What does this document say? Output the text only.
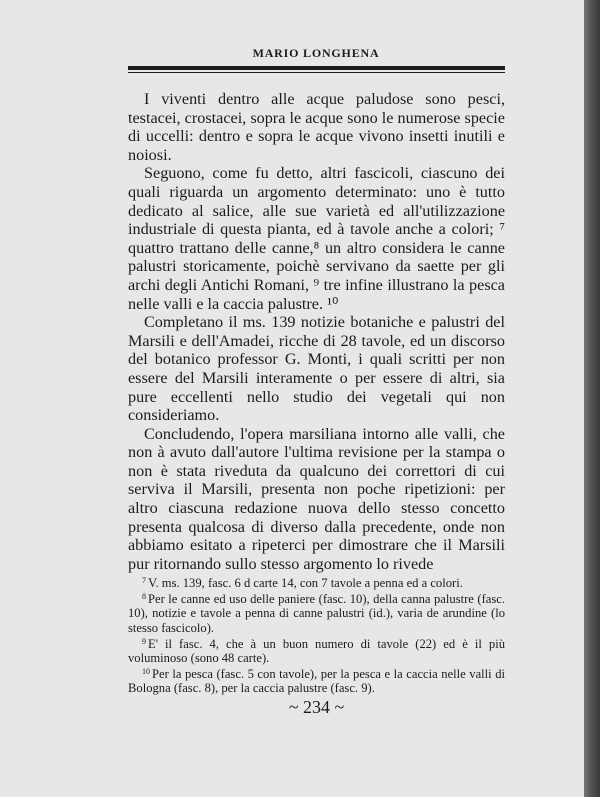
MARIO LONGHENA

I viventi dentro alle acque paludose sono pesci, testacei, crostacei, sopra le acque sono le numerose specie di uccelli: dentro e sopra le acque vivono insetti inutili e noiosi.

Seguono, come fu detto, altri fascicoli, ciascuno dei quali riguarda un argomento determinato: uno è tutto dedicato al salice, alle sue varietà ed all'utilizzazione industriale di questa pianta, ed à tavole anche a colori; ⁷ quattro trattano delle canne,⁸ un altro considera le canne palustri storicamente, poichè servivano da saette per gli archi degli Antichi Romani, ⁹ tre infine illustrano la pesca nelle valli e la caccia palustre. ¹⁰

Completano il ms. 139 notizie botaniche e palustri del Marsili e dell'Amadei, ricche di 28 tavole, ed un discorso del botanico professor G. Monti, i quali scritti per non essere del Marsili interamente o per essere di altri, sia pure eccellenti nello studio dei vegetali qui non consideriamo.

Concludendo, l'opera marsiliana intorno alle valli, che non à avuto dall'autore l'ultima revisione per la stampa o non è stata riveduta da qualcuno dei correttori di cui serviva il Marsili, presenta non poche ripetizioni: per altro ciascuna redazione nuova dello stesso concetto presenta qualcosa di diverso dalla precedente, onde non abbiamo esitato a ripeterci per dimostrare che il Marsili pur ritornando sullo stesso argomento lo rivede

$^7$ V. ms. 139, fasc. 6 d carte 14, con 7 tavole a penna ed a colori.

$^8$ Per le canne ed uso delle paniere (fasc. 10), della canna palustre (fasc. 10), notizie e tavole a penna di canne palustri (id.), varia de arundine (lo stesso fascicolo).

$^9$ E' il fasc. 4, che à un buon numero di tavole (22) ed è il più voluminoso (sono 48 carte).

$^{10}$ Per la pesca (fasc. 5 con tavole), per la pesca e la caccia nelle valli di Bologna (fasc. 8), per la caccia palustre (fasc. 9).

~ 234 ~
